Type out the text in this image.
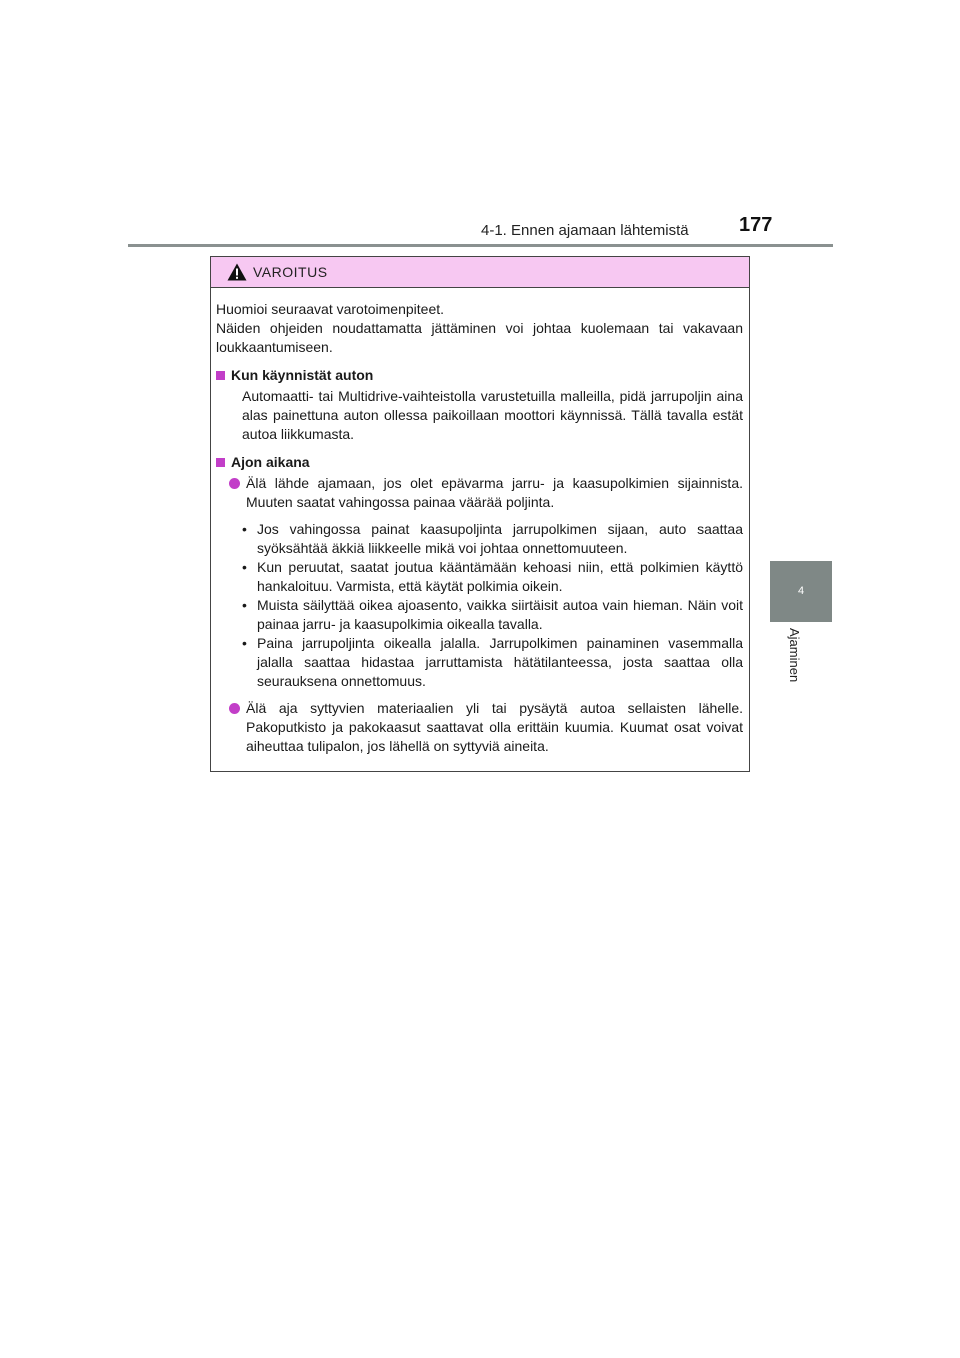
4-1. Ennen ajamaan lähtemistä	177
4
Ajaminen
VAROITUS

Huomioi seuraavat varotoimenpiteet.

Näiden ohjeiden noudattamatta jättäminen voi johtaa kuolemaan tai vakavaan loukkaantumiseen.

Kun käynnistät auton

Automaatti- tai Multidrive-vaihteistolla varustetuilla malleilla, pidä jarrupoljin aina alas painettuna auton ollessa paikoillaan moottori käynnissä. Tällä tavalla estät autoa liikkumasta.

Ajon aikana
Älä lähde ajamaan, jos olet epävarma jarru- ja kaasupolkimien sijainnista. Muuten saatat vahingossa painaa väärää poljinta.
• Jos vahingossa painat kaasupoljinta jarrupolkimen sijaan, auto saattaa syöksähtää äkkiä liikkeelle mikä voi johtaa onnettomuuteen.
• Kun peruutat, saatat joutua kääntämään kehoasi niin, että polkimien käyttö hankaloituu. Varmista, että käytät polkimia oikein.
• Muista säilyttää oikea ajoasento, vaikka siirtäisit autoa vain hieman. Näin voit painaa jarru- ja kaasupolkimia oikealla tavalla.
• Paina jarrupoljinta oikealla jalalla. Jarrupolkimen painaminen vasemmalla jalalla saattaa hidastaa jarruttamista hätätilanteessa, josta saattaa olla seurauksena onnettomuus.
Älä aja syttyvien materiaalien yli tai pysäytä autoa sellaisten lähelle. Pakoputkisto ja pakokaasut saattavat olla erittäin kuumia. Kuumat osat voivat aiheuttaa tulipalon, jos lähellä on syttyviä aineita.
